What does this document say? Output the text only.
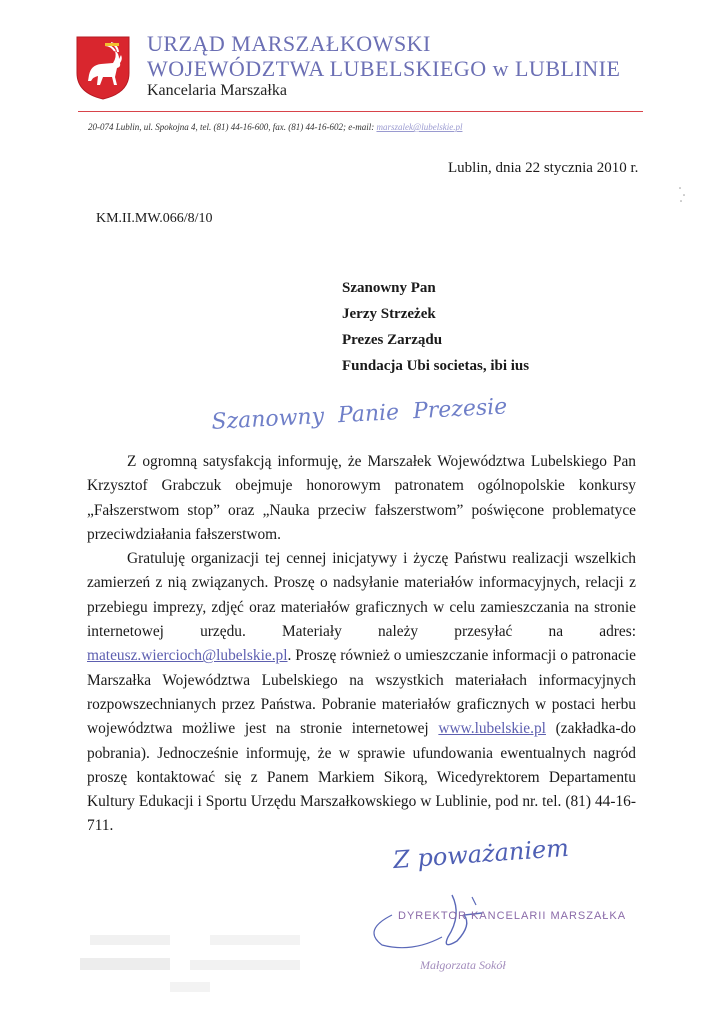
URZĄD MARSZAŁKOWSKI
WOJEWÓDZTWA LUBELSKIEGO w LUBLINIE
Kancelaria Marszałka
20-074 Lublin, ul. Spokojna 4, tel. (81) 44-16-600, fax. (81) 44-16-602; e-mail: marszalek@lubelskie.pl
Lublin, dnia 22 stycznia 2010 r.
KM.II.MW.066/8/10
Szanowny Pan
Jerzy Strzeżek
Prezes Zarządu
Fundacja Ubi societas, ibi ius
Szanowny Panie Prezesie

Z ogromną satysfakcją informuję, że Marszałek Województwa Lubelskiego Pan Krzysztof Grabczuk obejmuje honorowym patronatem ogólnopolskie konkursy „Fałszerstwom stop” oraz „Nauka przeciw fałszerstwom” poświęcone problematyce przeciwdziałania fałszerstwom.

Gratuluję organizacji tej cennej inicjatywy i życzę Państwu realizacji wszelkich zamierzeń z nią związanych. Proszę o nadsyłanie materiałów informacyjnych, relacji z przebiegu imprezy, zdjęć oraz materiałów graficznych w celu zamieszczania na stronie internetowej urzędu. Materiały należy przesyłać na adres: mateusz.wiercioch@lubelskie.pl. Proszę również o umieszczanie informacji o patronacie Marszałka Województwa Lubelskiego na wszystkich materiałach informacyjnych rozpowszechnianych przez Państwa. Pobranie materiałów graficznych w postaci herbu województwa możliwe jest na stronie internetowej www.lubelskie.pl (zakładka-do pobrania). Jednocześnie informuję, że w sprawie ufundowania ewentualnych nagród proszę kontaktować się z Panem Markiem Sikorą, Wicedyrektorem Departamentu Kultury Edukacji i Sportu Urzędu Marszałkowskiego w Lublinie, pod nr. tel. (81) 44-16-711.

Z poważaniem
DYREKTOR KANCELARII MARSZAŁKA
Małgorzata Sokół
